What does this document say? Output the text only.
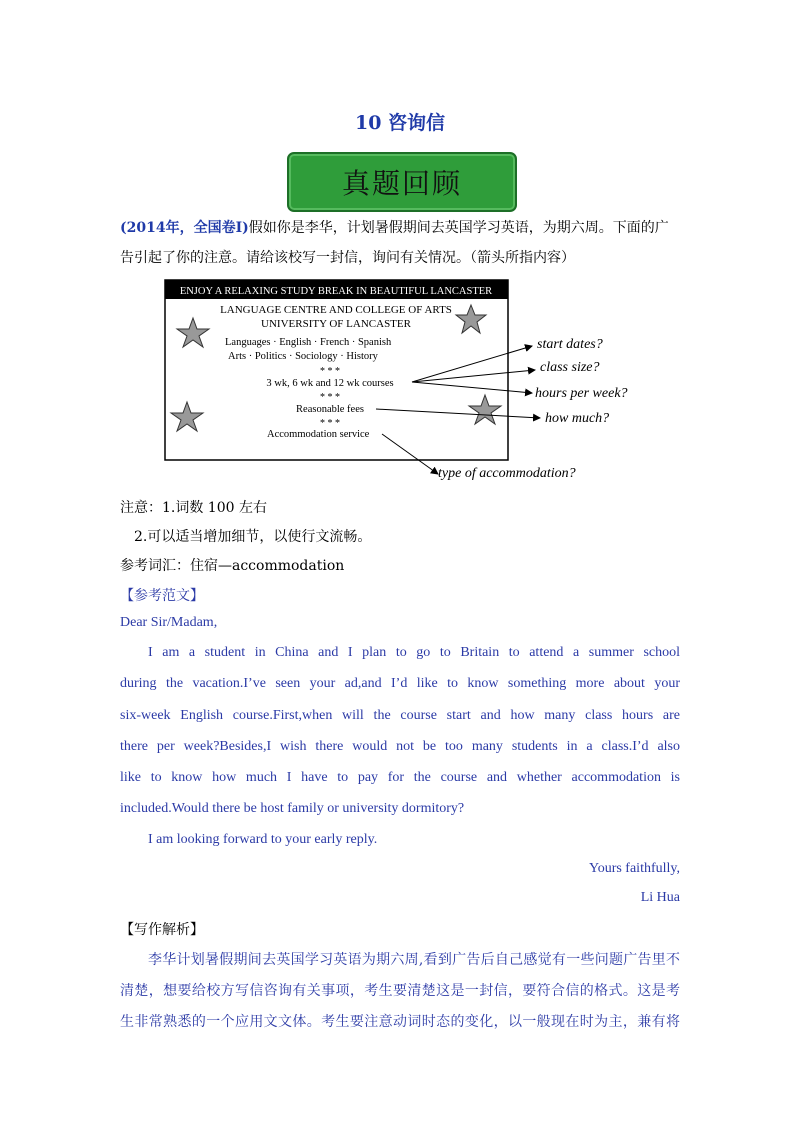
10 咨询信
真题回顾
(2014年，全国卷I)假如你是李华，计划暑假期间去英国学习英语，为期六周。下面的广
告引起了你的注意。请给该校写一封信，询问有关情况。（箭头所指内容）
ENJOY A RELAXING STUDY BREAK IN BEAUTIFUL LANCASTER
LANGUAGE CENTRE AND COLLEGE OF ARTS
UNIVERSITY OF LANCASTER
Languages · English · French · Spanish
Arts · Politics · Sociology · History
* * *
3 wk, 6 wk and 12 wk courses
* * *
Reasonable fees
* * *
Accommodation service
start dates?
class size?
hours per week?
how much?
type of accommodation?
注意：1.词数 100 左右
2.可以适当增加细节，以使行文流畅。
参考词汇：住宿—accommodation
【参考范文】
Dear Sir/Madam,
I am a student in China and I plan to go to Britain to attend a summer school
during the vacation.I’ve seen your ad,and I’d like to know something more about your
six-week English course.First,when will the course start and how many class hours are
there per week?Besides,I wish there would not be too many students in a class.I’d also
like to know how much I have to pay for the course and whether accommodation is
included.Would there be host family or university dormitory?
I am looking forward to your early reply.
Yours faithfully,
Li Hua
【写作解析】
李华计划暑假期间去英国学习英语为期六周,看到广告后自己感觉有一些问题广告里不
清楚，想要给校方写信咨询有关事项，考生要清楚这是一封信，要符合信的格式。这是考
生非常熟悉的一个应用文文体。考生要注意动词时态的变化，以一般现在时为主，兼有将
